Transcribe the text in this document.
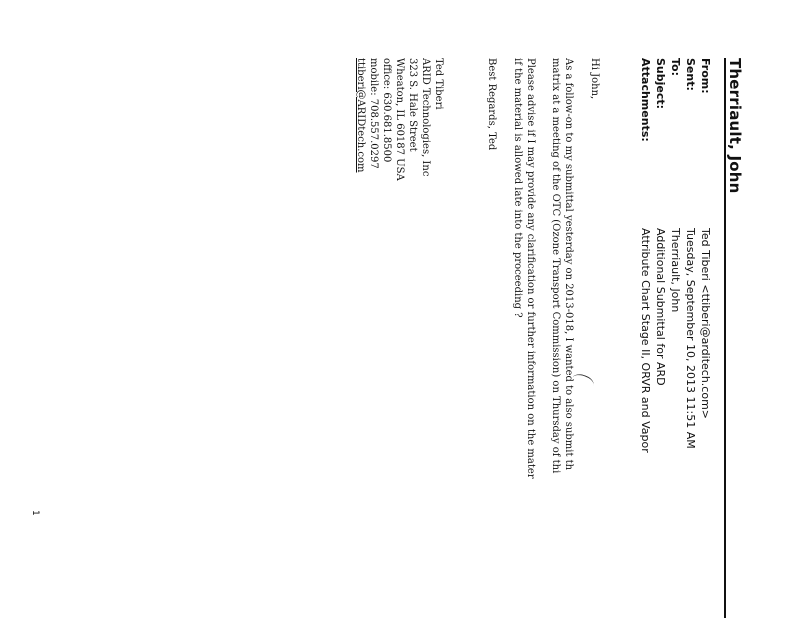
Therriault, John
From:
Ted Tiberi <ttiberi@arditech.com>
Sent:
Tuesday, September 10, 2013 11:51 AM
To:
Therriault, John
Subject:
Additional Submittal for ARD
Attachments:
Attribute Chart Stage II, ORVR and Vapor
Hi John,
As a follow-on to my submittal yesterday on 2013-018, I wanted to also submit th
matrix at a meeting of the OTC (Ozone Transport Commission) on Thursday of thi
Please advise if I may provide any clarification or further information on the mater
if the material is allowed late into the proceeding ?
Best Regards, Ted
Ted Tiberi
ARID Technologies, Inc
323 S. Hale Street
Wheaton, IL 60187 USA
office: 630.681.8500
mobile: 708.557.0297
ttiberi@ARIDtech.com
1
